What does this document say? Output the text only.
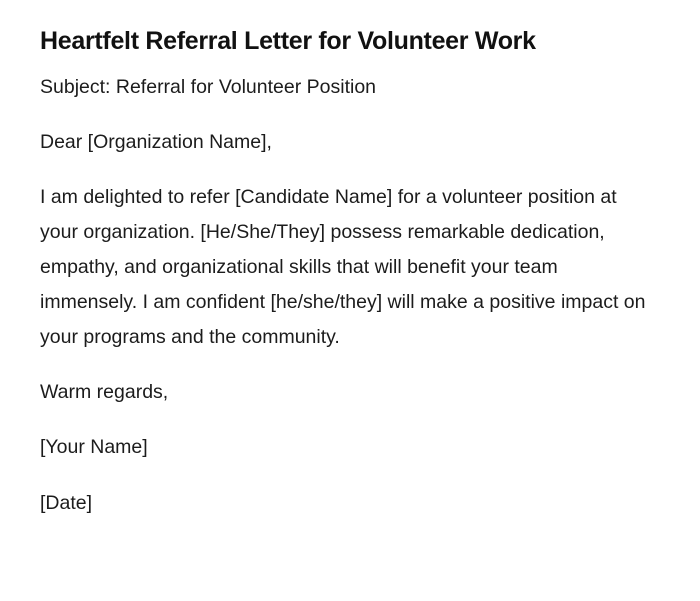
Heartfelt Referral Letter for Volunteer Work

Subject: Referral for Volunteer Position

Dear [Organization Name],

I am delighted to refer [Candidate Name] for a volunteer position at your organization. [He/She/They] possess remarkable dedication, empathy, and organizational skills that will benefit your team immensely. I am confident [he/she/they] will make a positive impact on your programs and the community.

Warm regards,

[Your Name]

[Date]
